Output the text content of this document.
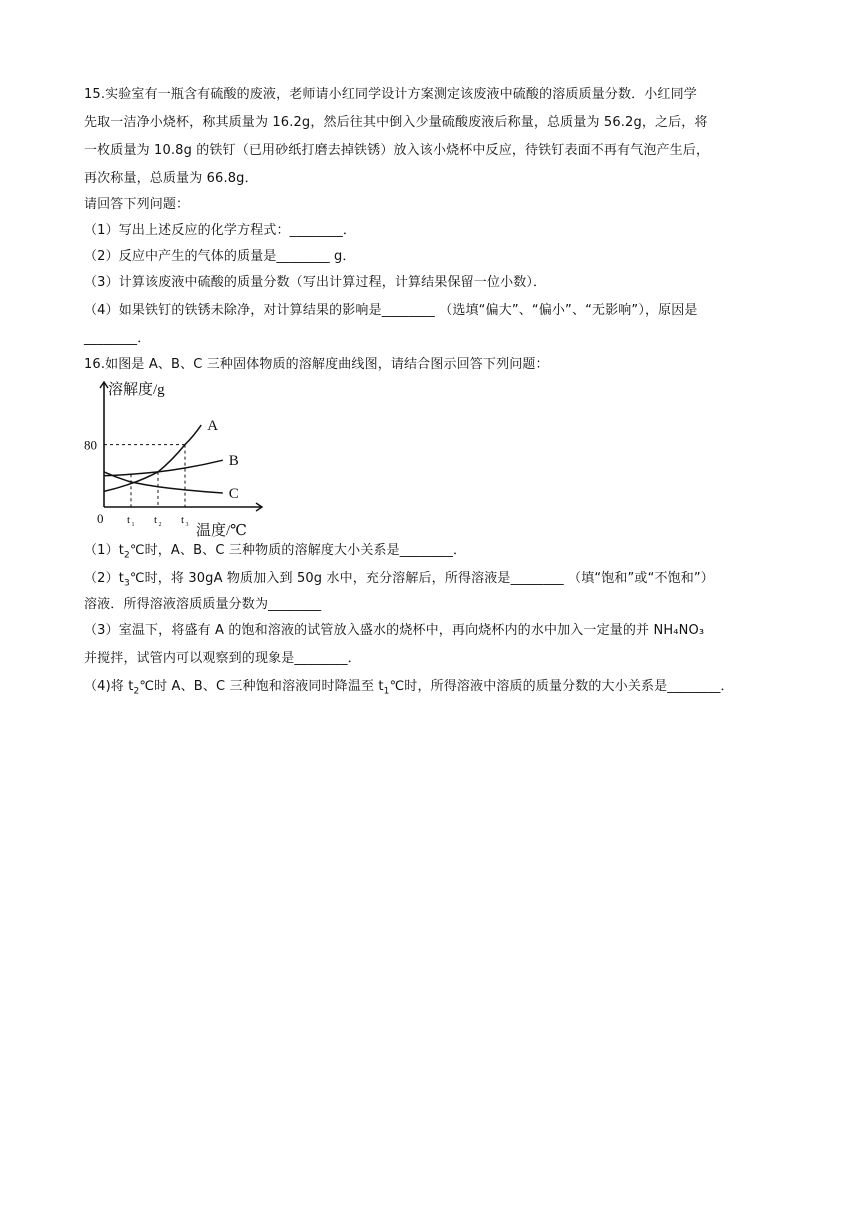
15.实验室有一瓶含有硫酸的废液，老师请小红同学设计方案测定该废液中硫酸的溶质质量分数．小红同学
先取一洁净小烧杯，称其质量为 16.2g，然后往其中倒入少量硫酸废液后称量，总质量为 56.2g，之后，将
一枚质量为 10.8g 的铁钉（已用砂纸打磨去掉铁锈）放入该小烧杯中反应，待铁钉表面不再有气泡产生后，
再次称量，总质量为 66.8g．
请回答下列问题：
（1）写出上述反应的化学方程式：________．
（2）反应中产生的气体的质量是________ g．
（3）计算该废液中硫酸的质量分数（写出计算过程，计算结果保留一位小数）．
（4）如果铁钉的铁锈未除净，对计算结果的影响是________ （选填“偏大”、“偏小”、“无影响”），原因是
________．
16.如图是 A、B、C 三种固体物质的溶解度曲线图，请结合图示回答下列问题：
A
B
C
80
0 t 1 t 2 t 3
溶解度/g
温度/℃
$(1)t_2℃$时，A、B、C 三种物质的溶解度大小关系是________．
$(2)t_3℃$时，将 30gA 物质加入到 50g 水中，充分溶解后，所得溶液是________ （填“饱和”或“不饱和”）
溶液．所得溶液溶质质量分数为________
（3）室温下，将盛有 A 的饱和溶液的试管放入盛水的烧杯中，再向烧杯内的水中加入一定量的并 NH₄NO₃
并搅拌，试管内可以观察到的现象是________．
（4)将 $t_2℃$时 A、B、C 三种饱和溶液同时降温至 $t_1℃$时，所得溶液中溶质的质量分数的大小关系是________．
